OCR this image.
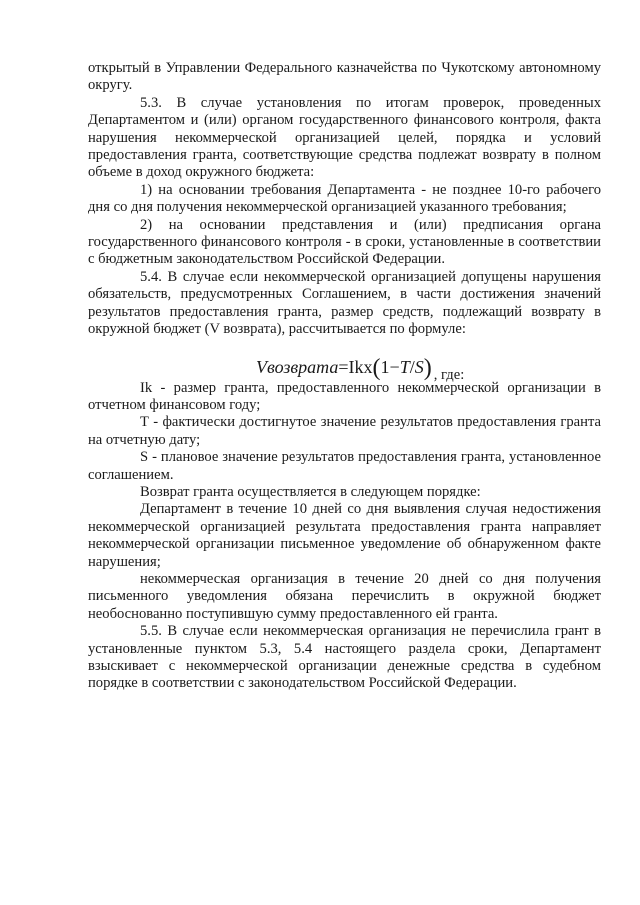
открытый в Управлении Федерального казначейства по Чукотскому автономному округу.

5.3. В случае установления по итогам проверок, проведенных Департаментом и (или) органом государственного финансового контроля, факта нарушения некоммерческой организацией целей, порядка и условий предоставления гранта, соответствующие средства подлежат возврату в полном объеме в доход окружного бюджета:

1) на основании требования Департамента - не позднее 10-го рабочего дня со дня получения некоммерческой организацией указанного требования;

2) на основании представления и (или) предписания органа государственного финансового контроля - в сроки, установленные в соответствии с бюджетным законодательством Российской Федерации.

5.4. В случае если некоммерческой организацией допущены нарушения обязательств, предусмотренных Соглашением, в части достижения значений результатов предоставления гранта, размер средств, подлежащий возврату в окружной бюджет (V возврата), рассчитывается по формуле:

Vвозврата=Ikх(1−T/S) , где:

Ik - размер гранта, предоставленного некоммерческой организации в отчетном финансовом году;

Т - фактически достигнутое значение результатов предоставления гранта на отчетную дату;

S - плановое значение результатов предоставления гранта, установленное соглашением.

Возврат гранта осуществляется в следующем порядке:

Департамент в течение 10 дней со дня выявления случая недостижения некоммерческой организацией результата предоставления гранта направляет некоммерческой организации письменное уведомление об обнаруженном факте нарушения;

некоммерческая организация в течение 20 дней со дня получения письменного уведомления обязана перечислить в окружной бюджет необоснованно поступившую сумму предоставленного ей гранта.

5.5. В случае если некоммерческая организация не перечислила грант в установленные пунктом 5.3, 5.4 настоящего раздела сроки, Департамент взыскивает с некоммерческой организации денежные средства в судебном порядке в соответствии с законодательством Российской Федерации.
